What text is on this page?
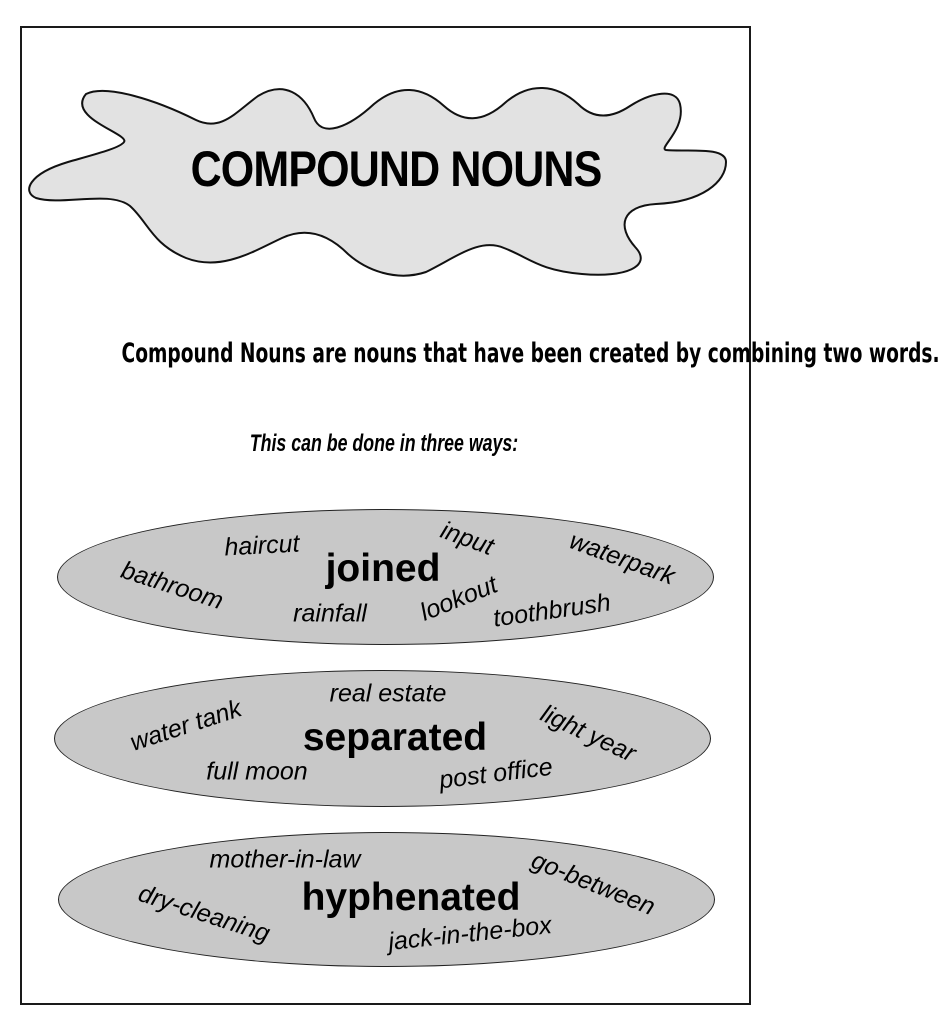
COMPOUND NOUNS
Compound Nouns are nouns that have been created by combining two words.
This can be done in three ways:
joined
haircut	input	waterpark
bathroom	rainfall lookout
toothbrush
separated
real estate
water tank	light year
full moon	post office
hyphenated
mother-in-law	go-between
dry-cleaning	jack-in-the-box
